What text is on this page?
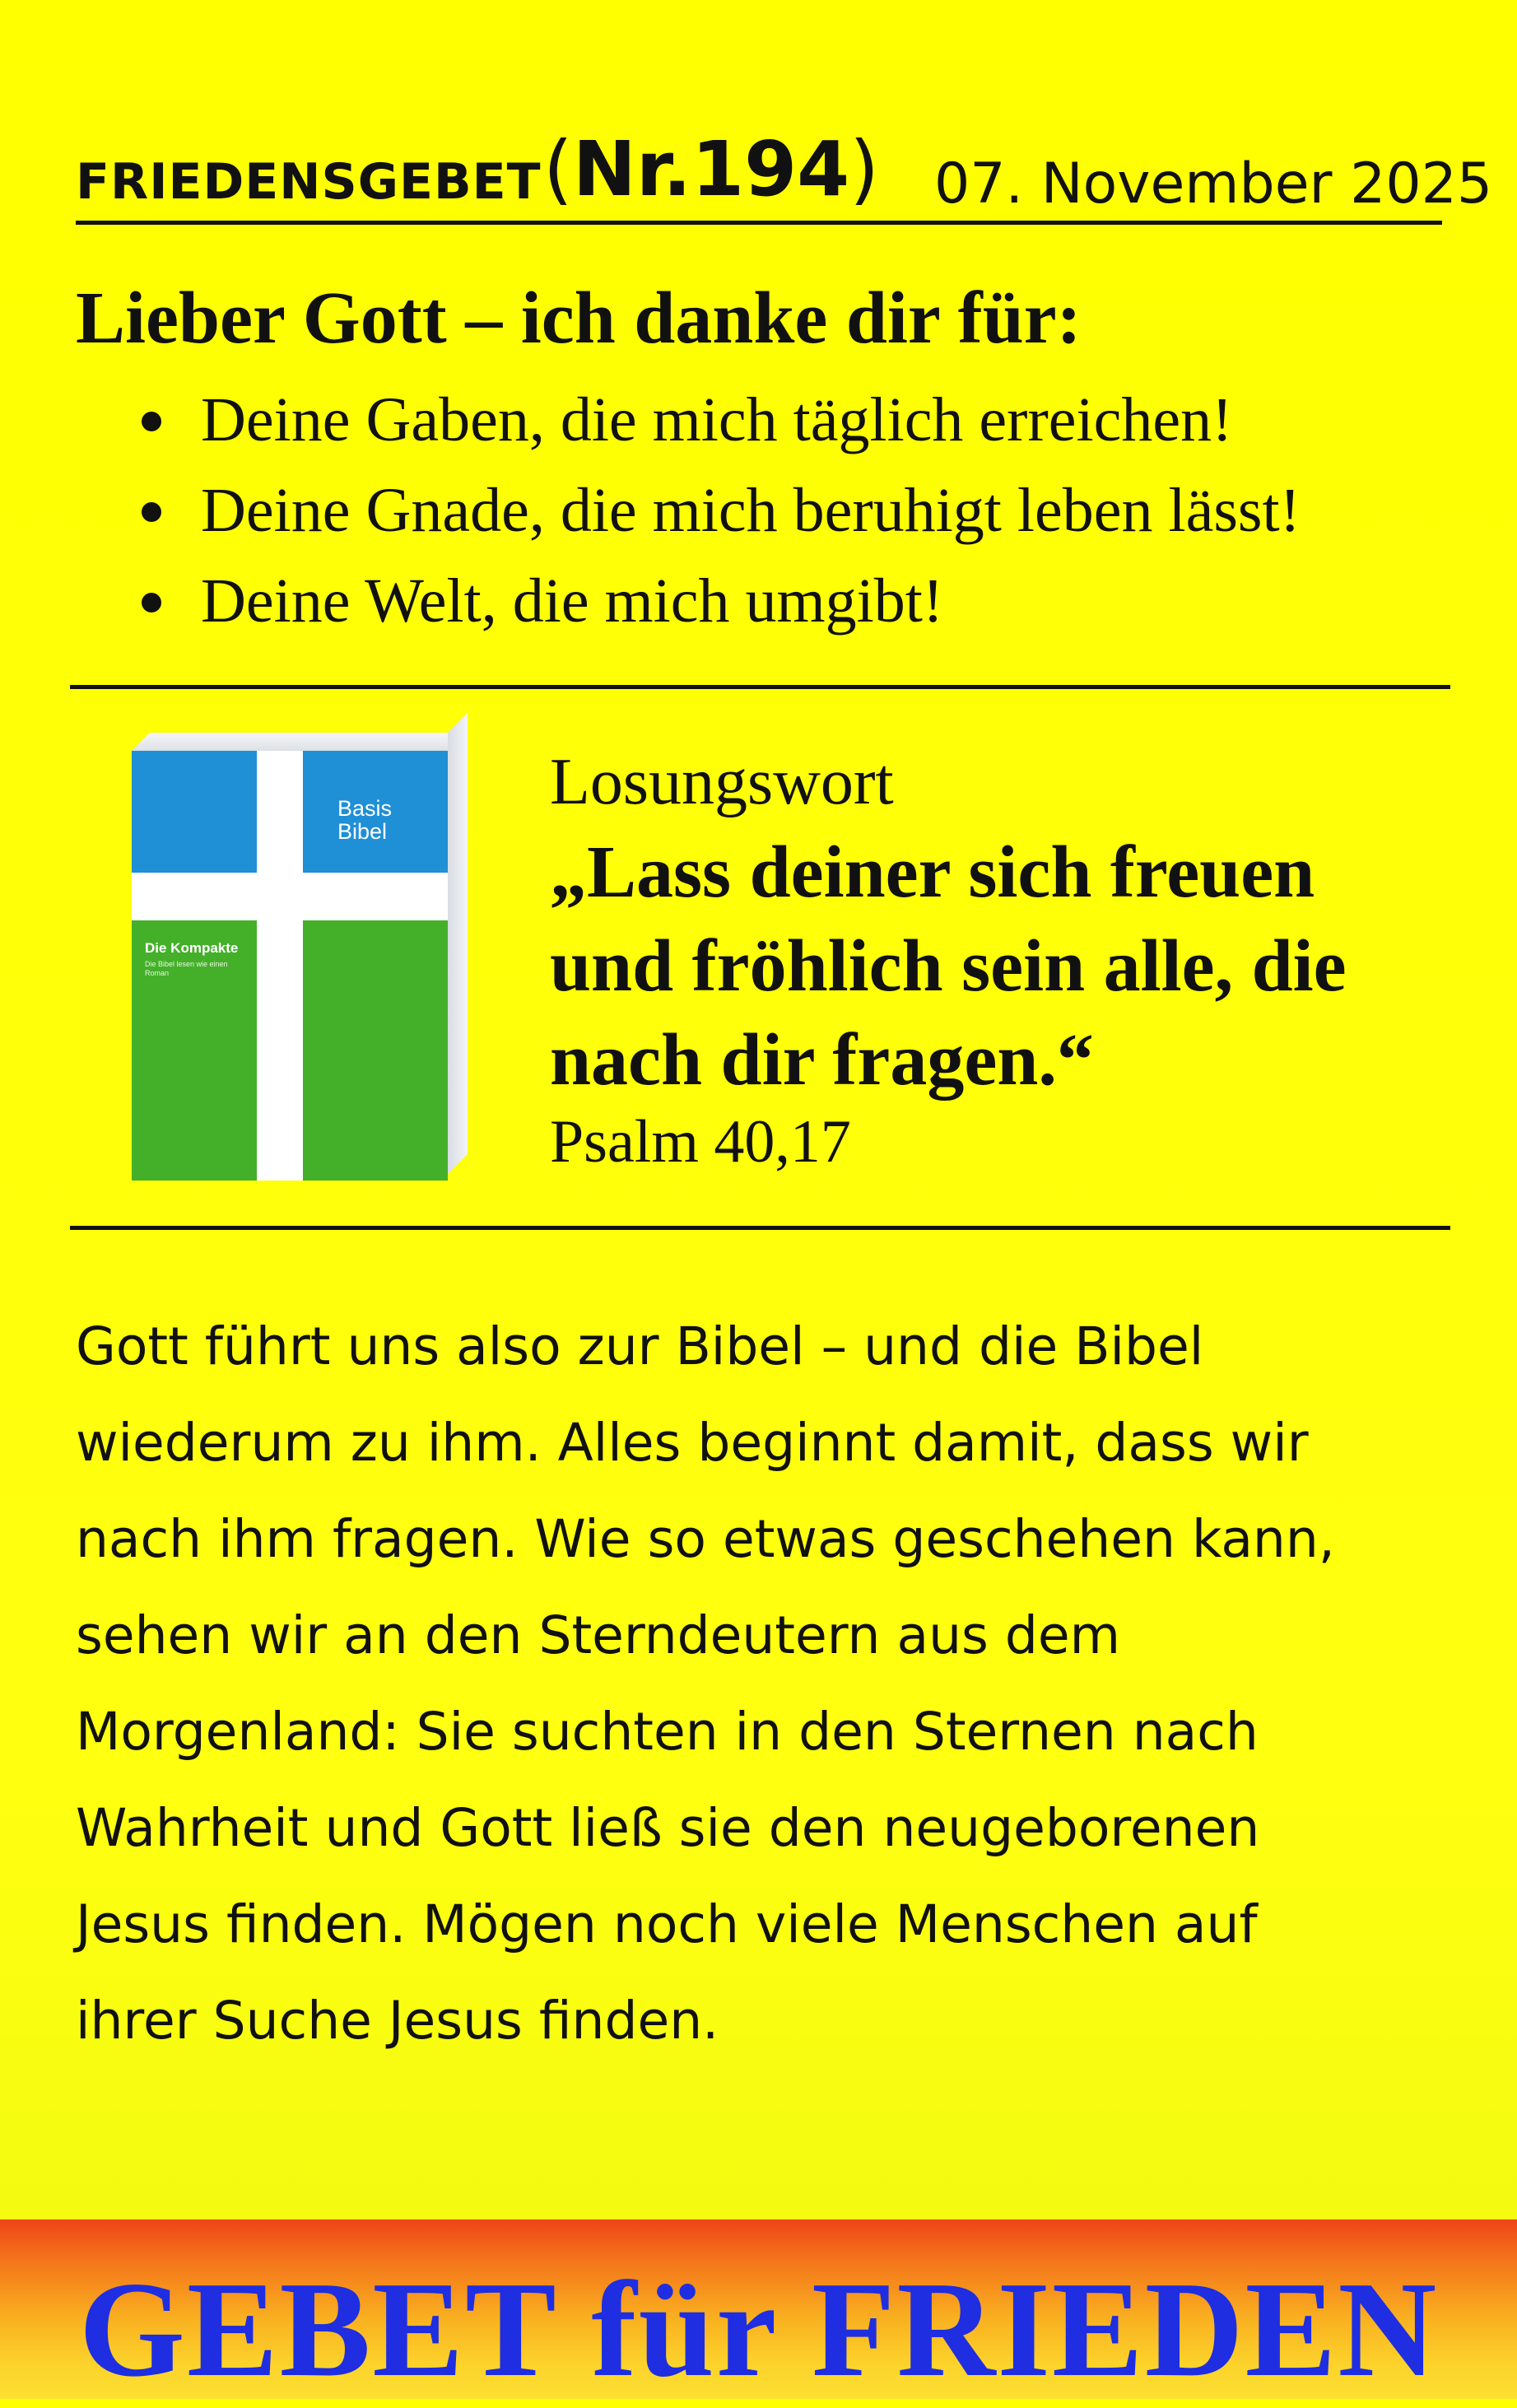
FRIEDENSGEBET (Nr.194) 07. November 2025
Lieber Gott – ich danke dir für:
Deine Gaben, die mich täglich erreichen!
Deine Gnade, die mich beruhigt leben lässt!
Deine Welt, die mich umgibt!
Basis
Bibel
Die Kompakte
Die Bibel lesen wie einen Roman
Losungswort
„Lass deiner sich freuen
und fröhlich sein alle, die
nach dir fragen.“
Psalm 40,17
Gott führt uns also zur Bibel – und die Bibel
wiederum zu ihm. Alles beginnt damit, dass wir
nach ihm fragen. Wie so etwas geschehen kann,
sehen wir an den Sterndeutern aus dem
Morgenland: Sie suchten in den Sternen nach
Wahrheit und Gott ließ sie den neugeborenen
Jesus finden. Mögen noch viele Menschen auf
ihrer Suche Jesus finden.
GEBET für FRIEDEN
